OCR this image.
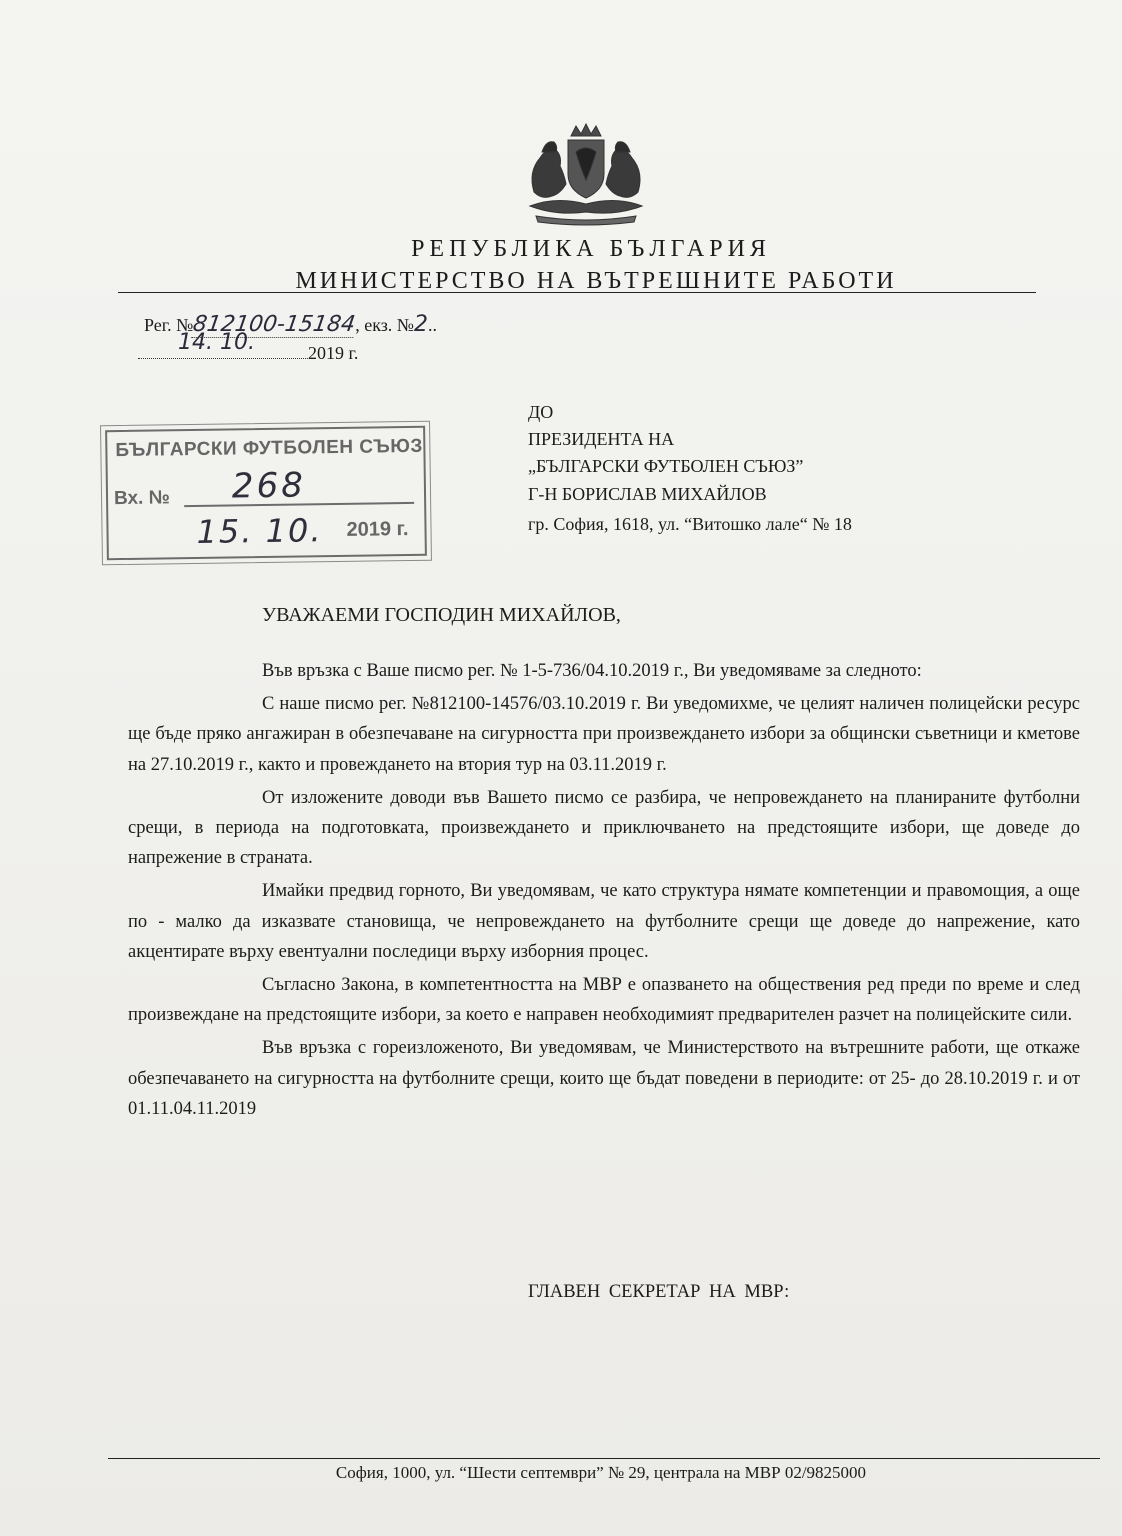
РЕПУБЛИКА БЪЛГАРИЯ
МИНИСТЕРСТВО НА ВЪТРЕШНИТЕ РАБОТИ
Рег. №812100-15184, екз. №2..
14. 10.	2019 г.
БЪЛГАРСКИ ФУТБОЛЕН СЪЮЗ
Вх. № 268
15. 10. 2019 г.
ДО
ПРЕЗИДЕНТА НА
„БЪЛГАРСКИ ФУТБОЛЕН СЪЮЗ”
Г-Н БОРИСЛАВ МИХАЙЛОВ
гр. София, 1618, ул. “Витошко лале“ № 18
УВАЖАЕМИ ГОСПОДИН МИХАЙЛОВ,

Във връзка с Ваше писмо рег. № 1-5-736/04.10.2019 г., Ви уведомяваме за следното:

С наше писмо рег. №812100-14576/03.10.2019 г. Ви уведомихме, че целият наличен полицейски ресурс ще бъде пряко ангажиран в обезпечаване на сигурността при произвеждането избори за общински съветници и кметове на 27.10.2019 г., както и провеждането на втория тур на 03.11.2019 г.

От изложените доводи във Вашето писмо се разбира, че непровеждането на планираните футболни срещи, в периода на подготовката, произвеждането и приключването на предстоящите избори, ще доведе до напрежение в страната.

Имайки предвид горното, Ви уведомявам, че като структура нямате компетенции и правомощия, а още по - малко да изказвате становища, че непровеждането на футболните срещи ще доведе до напрежение, като акцентирате върху евентуални последици върху изборния процес.

Съгласно Закона, в компетентността на МВР е опазването на обществения ред преди по време и след произвеждане на предстоящите избори, за което е направен необходимият предварителен разчет на полицейските сили.

Във връзка с гореизложеното, Ви уведомявам, че Министерството на вътрешните работи, ще откаже обезпечаването на сигурността на футболните срещи, които ще бъдат поведени в периодите: от 25- до 28.10.2019 г. и от 01.11.04.11.2019

ГЛАВЕН СЕКРЕТАР НА МВР:
София, 1000, ул. “Шести септември” № 29, централа на МВР 02/9825000
